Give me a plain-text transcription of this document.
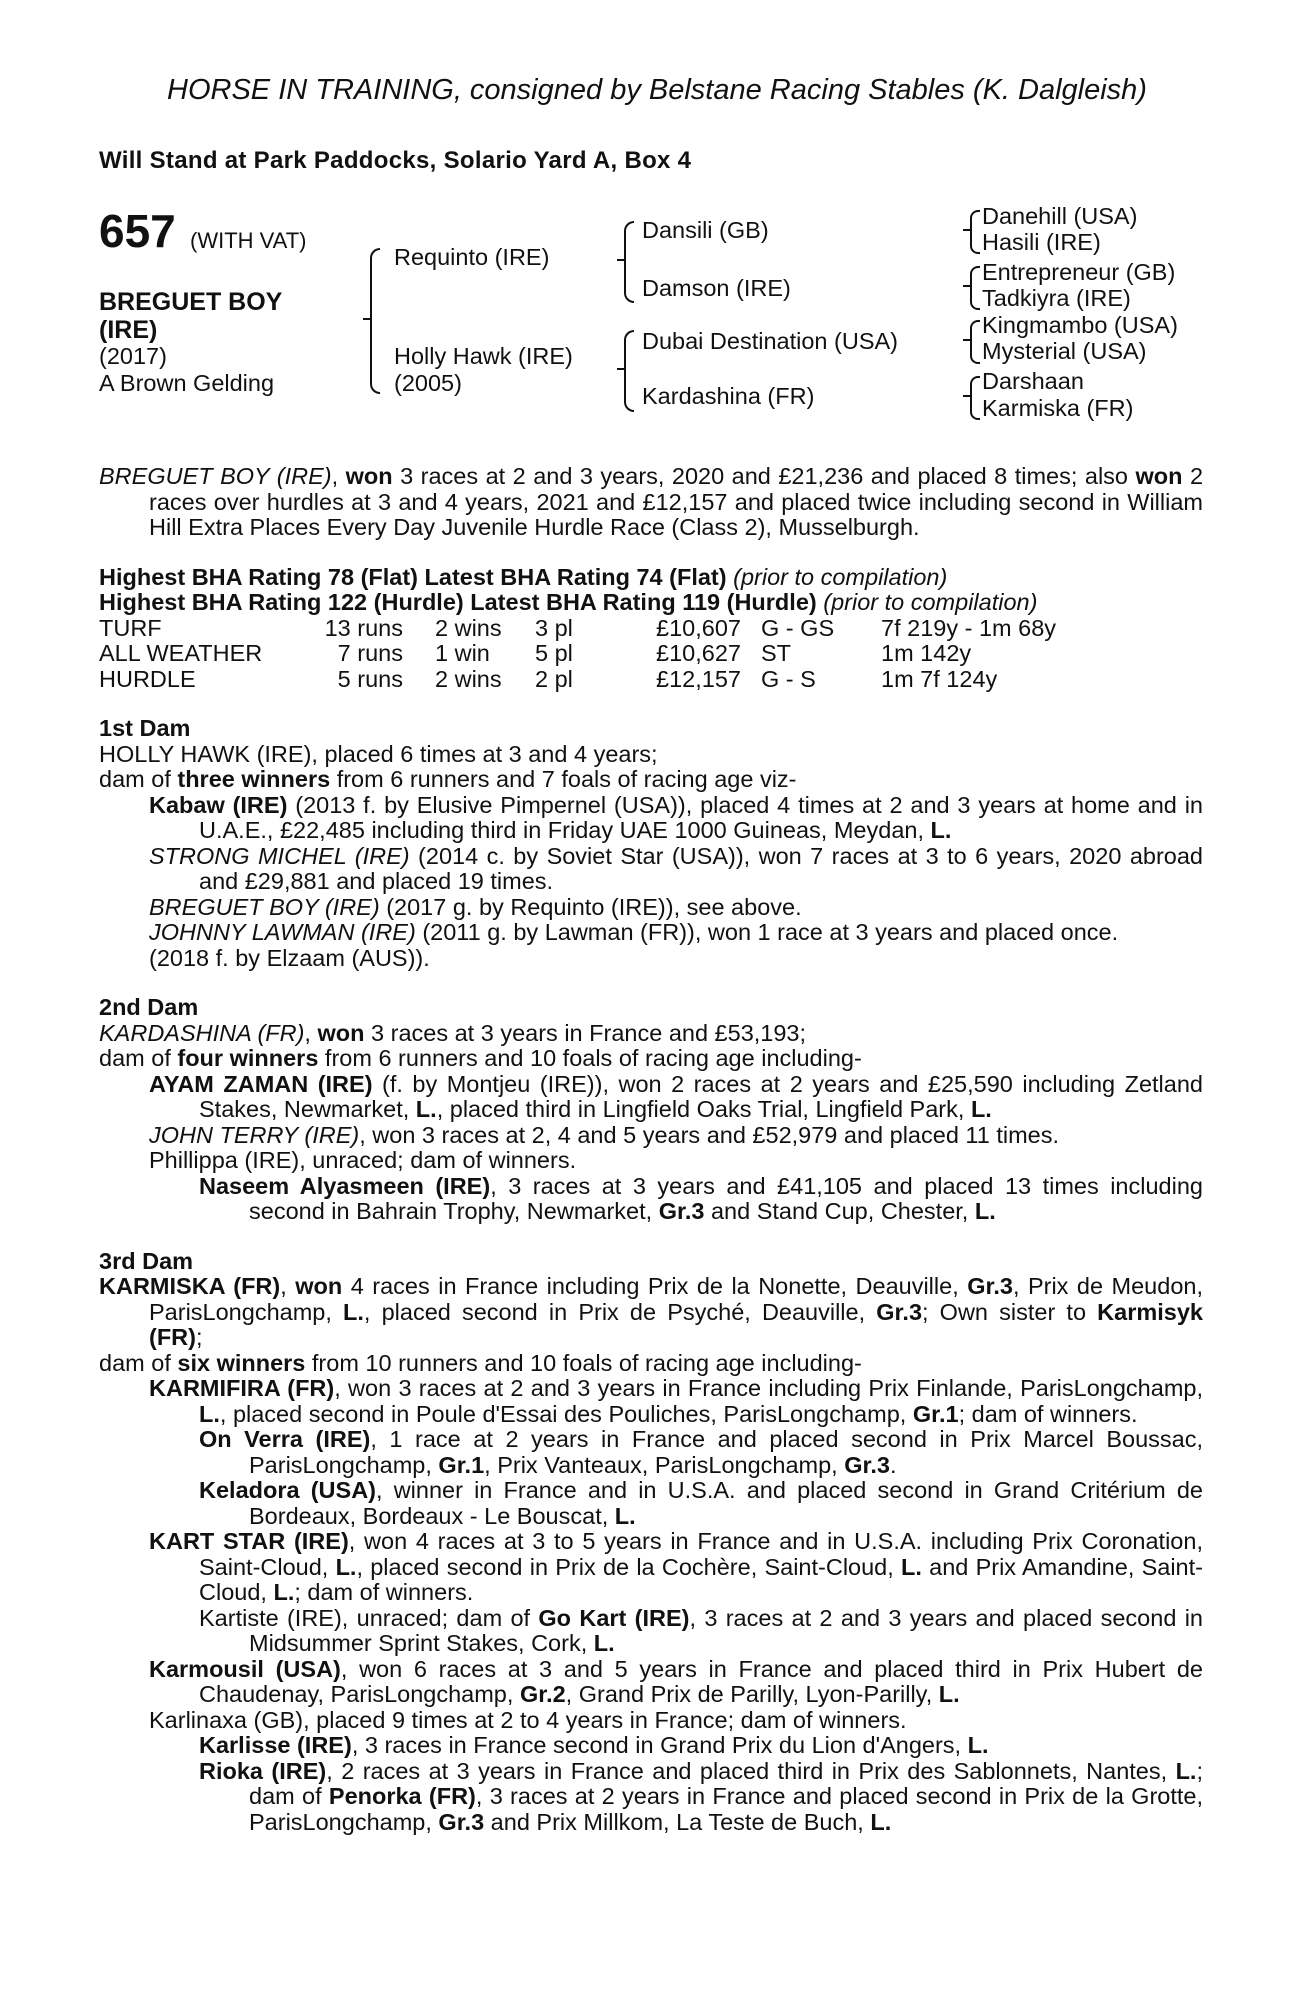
HORSE IN TRAINING, consigned by Belstane Racing Stables (K. Dalgleish)
Will Stand at Park Paddocks, Solario Yard A, Box 4
657 (WITH VAT)
BREGUET BOY
(IRE)
(2017)
A Brown Gelding
Requinto (IRE)
Holly Hawk (IRE)
(2005)
Dansili (GB)
Damson (IRE)
Dubai Destination (USA)
Kardashina (FR)
Danehill (USA)
Hasili (IRE)
Entrepreneur (GB)
Tadkiyra (IRE)
Kingmambo (USA)
Mysterial (USA)
Darshaan
Karmiska (FR)

BREGUET BOY (IRE), won 3 races at 2 and 3 years, 2020 and £21,236 and placed 8 times; also won 2 races over hurdles at 3 and 4 years, 2021 and £12,157 and placed twice including second in William Hill Extra Places Every Day Juvenile Hurdle Race (Class 2), Musselburgh.

Highest BHA Rating 78 (Flat) Latest BHA Rating 74 (Flat) (prior to compilation)

Highest BHA Rating 122 (Hurdle) Latest BHA Rating 119 (Hurdle) (prior to compilation)

TURF	13 runs	2 wins	3 pl	£10,607 G - GS	7f 219y - 1m 68y
ALL WEATHER	7 runs	1 win	5 pl	£10,627 ST	1m 142y
HURDLE	5 runs	2 wins	2 pl	£12,157 G - S	1m 7f 124y

1st Dam

HOLLY HAWK (IRE), placed 6 times at 3 and 4 years;

dam of three winners from 6 runners and 7 foals of racing age viz-

Kabaw (IRE) (2013 f. by Elusive Pimpernel (USA)), placed 4 times at 2 and 3 years at home and in U.A.E., £22,485 including third in Friday UAE 1000 Guineas, Meydan, L.

STRONG MICHEL (IRE) (2014 c. by Soviet Star (USA)), won 7 races at 3 to 6 years, 2020 abroad and £29,881 and placed 19 times.

BREGUET BOY (IRE) (2017 g. by Requinto (IRE)), see above.

JOHNNY LAWMAN (IRE) (2011 g. by Lawman (FR)), won 1 race at 3 years and placed once.

(2018 f. by Elzaam (AUS)).

2nd Dam

KARDASHINA (FR), won 3 races at 3 years in France and £53,193;

dam of four winners from 6 runners and 10 foals of racing age including-

AYAM ZAMAN (IRE) (f. by Montjeu (IRE)), won 2 races at 2 years and £25,590 including Zetland Stakes, Newmarket, L., placed third in Lingfield Oaks Trial, Lingfield Park, L.

JOHN TERRY (IRE), won 3 races at 2, 4 and 5 years and £52,979 and placed 11 times.

Phillippa (IRE), unraced; dam of winners.

Naseem Alyasmeen (IRE), 3 races at 3 years and £41,105 and placed 13 times including second in Bahrain Trophy, Newmarket, Gr.3 and Stand Cup, Chester, L.

3rd Dam

KARMISKA (FR), won 4 races in France including Prix de la Nonette, Deauville, Gr.3, Prix de Meudon, ParisLongchamp, L., placed second in Prix de Psyché, Deauville, Gr.3; Own sister to Karmisyk (FR);

dam of six winners from 10 runners and 10 foals of racing age including-

KARMIFIRA (FR), won 3 races at 2 and 3 years in France including Prix Finlande, ParisLongchamp, L., placed second in Poule d'Essai des Pouliches, ParisLongchamp, Gr.1; dam of winners.

On Verra (IRE), 1 race at 2 years in France and placed second in Prix Marcel Boussac, ParisLongchamp, Gr.1, Prix Vanteaux, ParisLongchamp, Gr.3.

Keladora (USA), winner in France and in U.S.A. and placed second in Grand Critérium de Bordeaux, Bordeaux - Le Bouscat, L.

KART STAR (IRE), won 4 races at 3 to 5 years in France and in U.S.A. including Prix Coronation, Saint-Cloud, L., placed second in Prix de la Cochère, Saint-Cloud, L. and Prix Amandine, Saint-Cloud, L.; dam of winners.

Kartiste (IRE), unraced; dam of Go Kart (IRE), 3 races at 2 and 3 years and placed second in Midsummer Sprint Stakes, Cork, L.

Karmousil (USA), won 6 races at 3 and 5 years in France and placed third in Prix Hubert de Chaudenay, ParisLongchamp, Gr.2, Grand Prix de Parilly, Lyon-Parilly, L.

Karlinaxa (GB), placed 9 times at 2 to 4 years in France; dam of winners.

Karlisse (IRE), 3 races in France second in Grand Prix du Lion d'Angers, L.

Rioka (IRE), 2 races at 3 years in France and placed third in Prix des Sablonnets, Nantes, L.; dam of Penorka (FR), 3 races at 2 years in France and placed second in Prix de la Grotte, ParisLongchamp, Gr.3 and Prix Millkom, La Teste de Buch, L.
